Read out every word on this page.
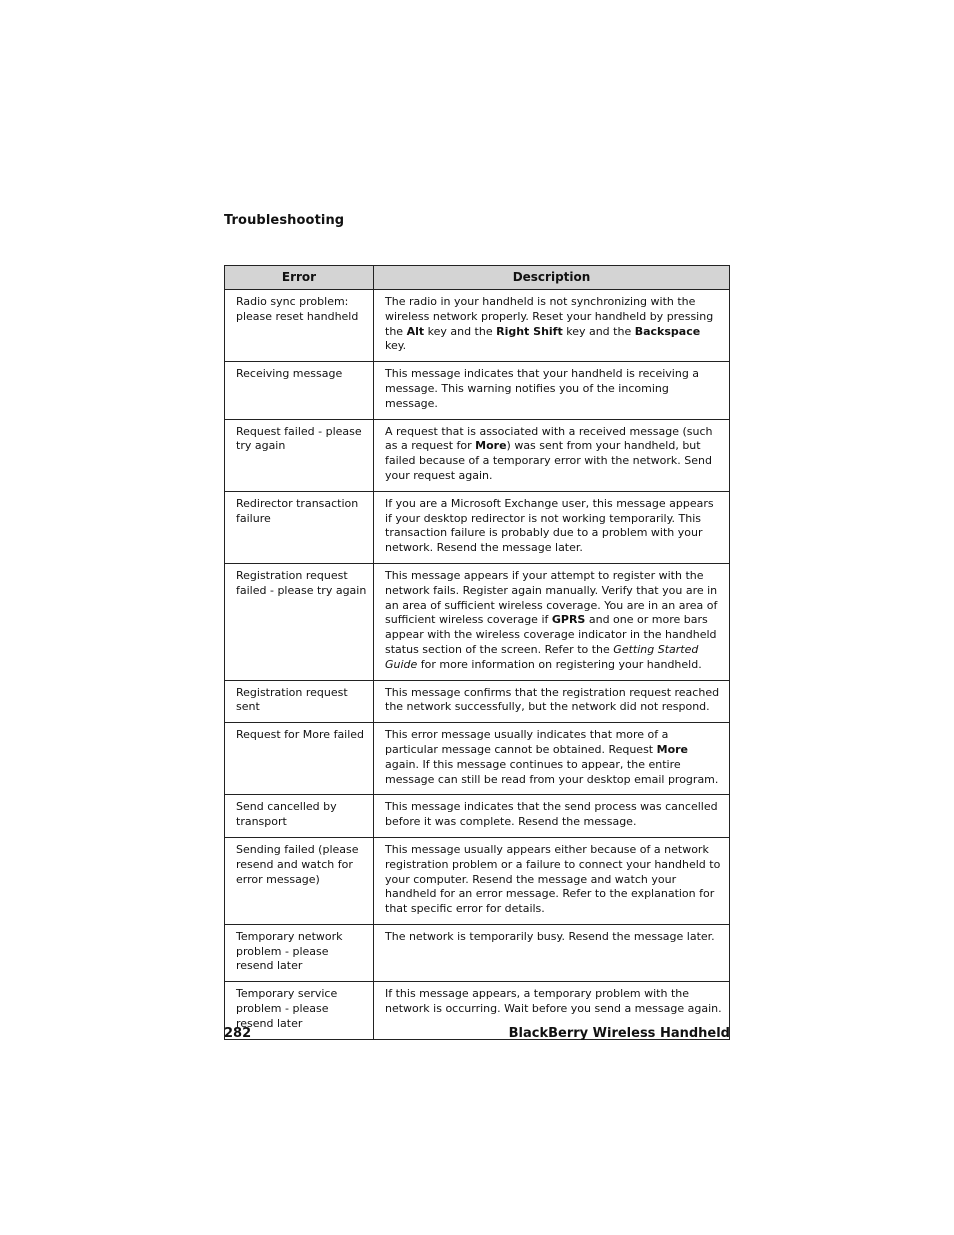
Troubleshooting
Error	Description
Radio sync problem: please reset handheld	The radio in your handheld is not synchronizing with the wireless network properly. Reset your handheld by pressing the Alt key and the Right Shift key and the Backspace key.
Receiving message	This message indicates that your handheld is receiving a message. This warning notifies you of the incoming message.
Request failed - please try again	A request that is associated with a received message (such as a request for More) was sent from your handheld, but failed because of a temporary error with the network. Send your request again.
Redirector transaction failure	If you are a Microsoft Exchange user, this message appears if your desktop redirector is not working temporarily. This transaction failure is probably due to a problem with your network. Resend the message later.
Registration request failed - please try again	This message appears if your attempt to register with the network fails. Register again manually. Verify that you are in an area of sufficient wireless coverage. You are in an area of sufficient wireless coverage if GPRS and one or more bars appear with the wireless coverage indicator in the handheld status section of the screen. Refer to the Getting Started Guide for more information on registering your handheld.
Registration request sent	This message confirms that the registration request reached the network successfully, but the network did not respond.
Request for More failed	This error message usually indicates that more of a particular message cannot be obtained. Request More again. If this message continues to appear, the entire message can still be read from your desktop email program.
Send cancelled by transport	This message indicates that the send process was cancelled before it was complete. Resend the message.
Sending failed (please resend and watch for error message)	This message usually appears either because of a network registration problem or a failure to connect your handheld to your computer. Resend the message and watch your handheld for an error message. Refer to the explanation for that specific error for details.
Temporary network problem - please resend later	The network is temporarily busy. Resend the message later.
Temporary service problem - please resend later	If this message appears, a temporary problem with the network is occurring. Wait before you send a message again.
282	BlackBerry Wireless Handheld
